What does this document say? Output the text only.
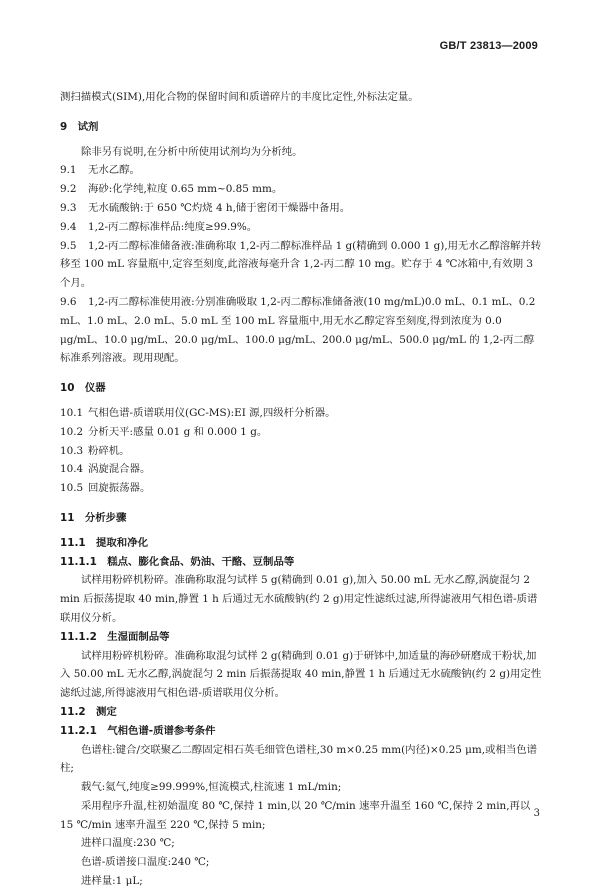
GB/T 23813—2009

测扫描模式(SIM),用化合物的保留时间和质谱碎片的丰度比定性,外标法定量。

9　试剂

除非另有说明,在分析中所使用试剂均为分析纯。

9.1 无水乙醇。

9.2 海砂:化学纯,粒度 0.65 mm~0.85 mm。

9.3 无水硫酸钠:于 650 ℃灼烧 4 h,储于密闭干燥器中备用。

9.4 1,2-丙二醇标准样品:纯度≥99.9%。

9.5 1,2-丙二醇标准储备液:准确称取 1,2-丙二醇标准样品 1 g(精确到 0.000 1 g),用无水乙醇溶解并转移至 100 mL 容量瓶中,定容至刻度,此溶液每毫升含 1,2-丙二醇 10 mg。贮存于 4 ℃冰箱中,有效期 3 个月。

9.6 1,2-丙二醇标准使用液:分别准确吸取 1,2-丙二醇标准储备液(10 mg/mL)0.0 mL、0.1 mL、0.2 mL、1.0 mL、2.0 mL、5.0 mL 至 100 mL 容量瓶中,用无水乙醇定容至刻度,得到浓度为 0.0 μg/mL、10.0 μg/mL、20.0 μg/mL、100.0 μg/mL、200.0 μg/mL、500.0 μg/mL 的 1,2-丙二醇标准系列溶液。现用现配。

10　仪器

10.1 气相色谱-质谱联用仪(GC-MS):EI 源,四级杆分析器。

10.2 分析天平:感量 0.01 g 和 0.000 1 g。

10.3 粉碎机。

10.4 涡旋混合器。

10.5 回旋振荡器。

11　分析步骤

11.1　提取和净化

11.1.1　糕点、膨化食品、奶油、干酪、豆制品等

试样用粉碎机粉碎。准确称取混匀试样 5 g(精确到 0.01 g),加入 50.00 mL 无水乙醇,涡旋混匀 2 min 后振荡提取 40 min,静置 1 h 后通过无水硫酸钠(约 2 g)用定性滤纸过滤,所得滤液用气相色谱-质谱联用仪分析。

11.1.2　生湿面制品等

试样用粉碎机粉碎。准确称取混匀试样 2 g(精确到 0.01 g)于研钵中,加适量的海砂研磨成干粉状,加入 50.00 mL 无水乙醇,涡旋混匀 2 min 后振荡提取 40 min,静置 1 h 后通过无水硫酸钠(约 2 g)用定性滤纸过滤,所得滤液用气相色谱-质谱联用仪分析。

11.2　测定

11.2.1　气相色谱-质谱参考条件

色谱柱:键合/交联聚乙二醇固定相石英毛细管色谱柱,30 m×0.25 mm(内径)×0.25 μm,或相当色谱柱;

载气:氦气,纯度≥99.999%,恒流模式,柱流速 1 mL/min;

采用程序升温,柱初始温度 80 ℃,保持 1 min,以 20 ℃/min 速率升温至 160 ℃,保持 2 min,再以 15 ℃/min 速率升温至 220 ℃,保持 5 min;

进样口温度:230 ℃;

色谱-质谱接口温度:240 ℃;

进样量:1 μL;

3
